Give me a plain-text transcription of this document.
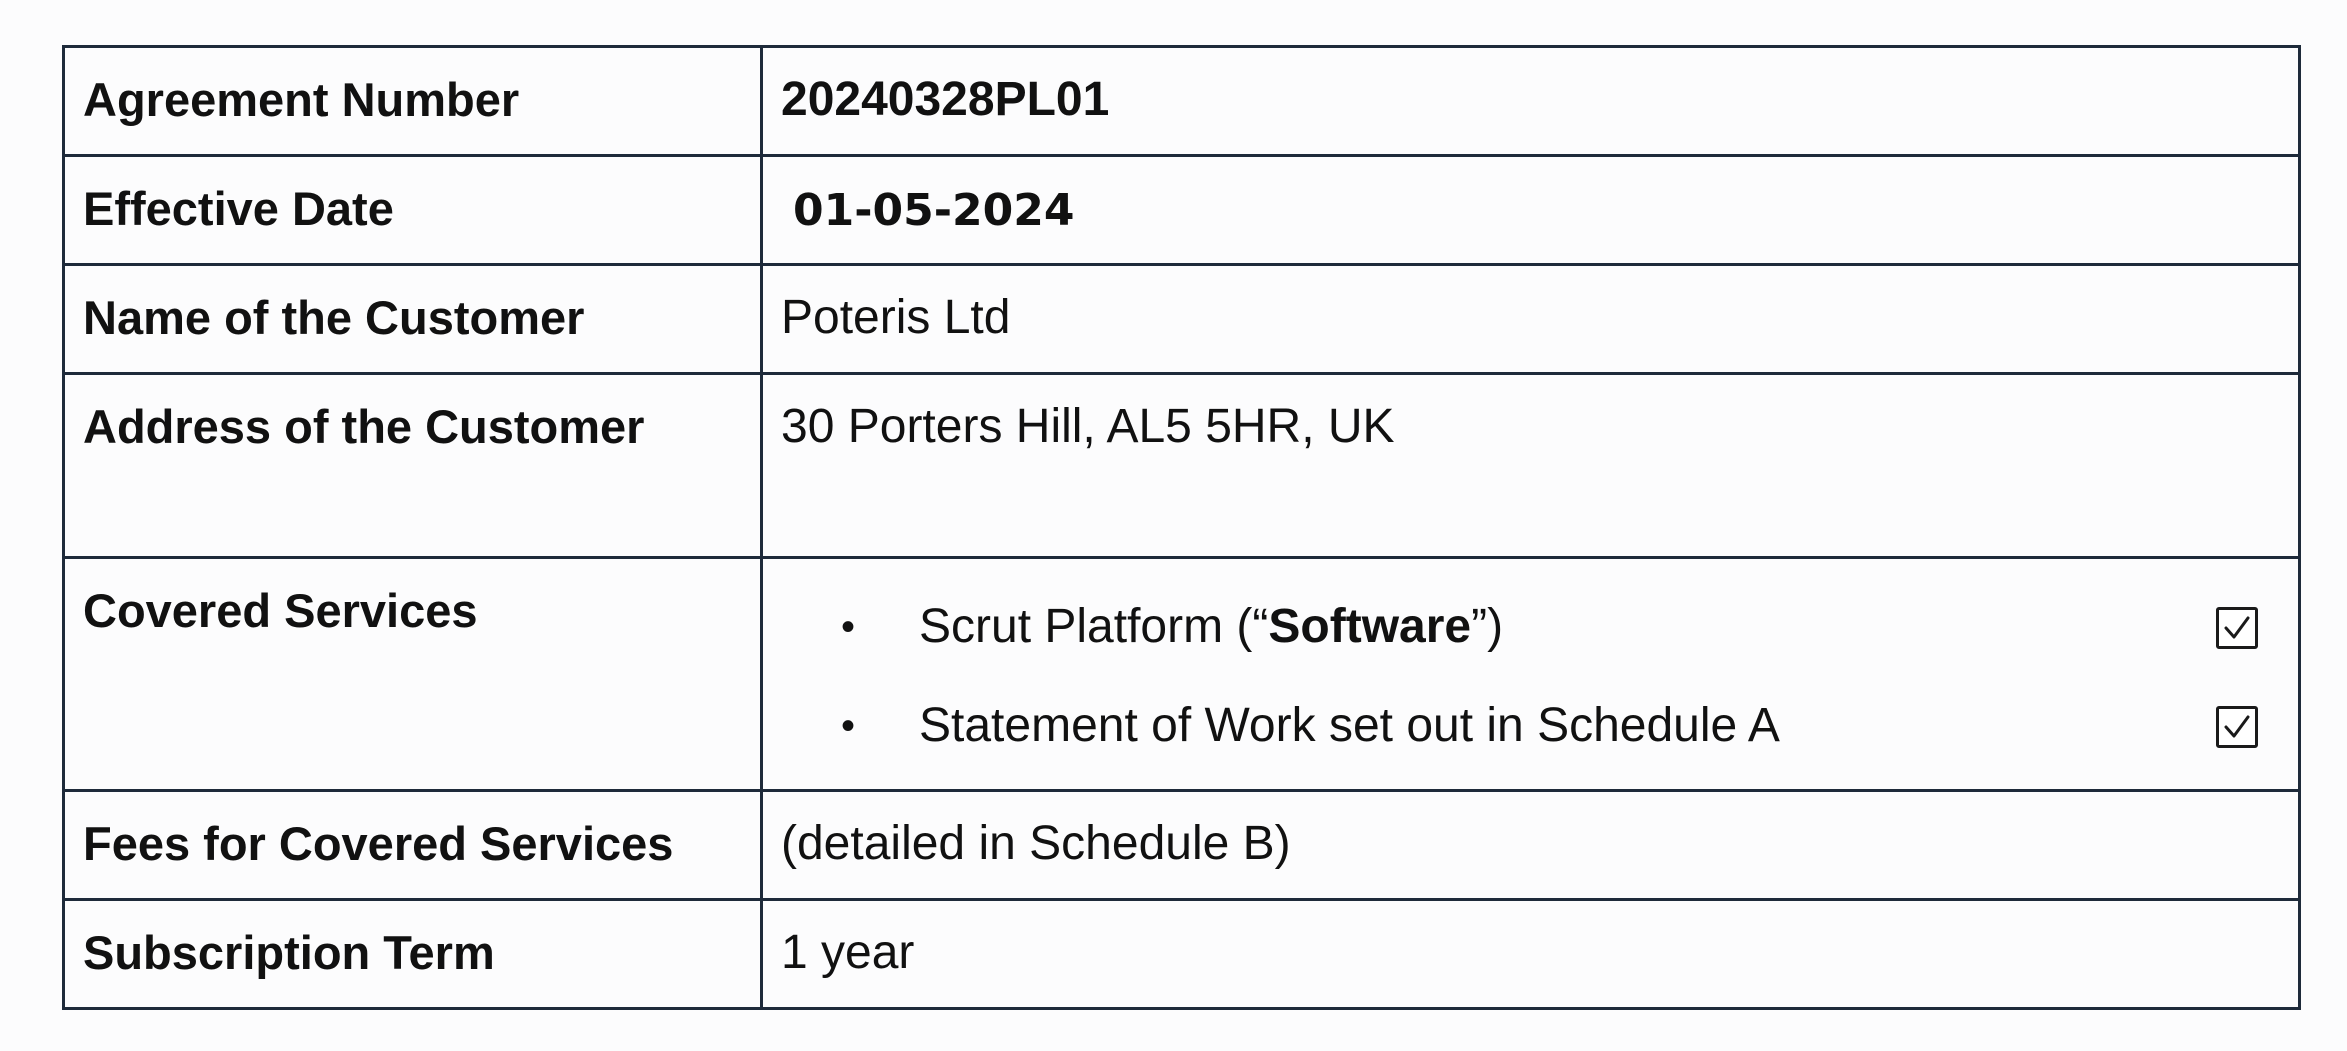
Agreement Number	20240328PL01

Effective Date	01-05-2024

Name of the Customer	Poteris Ltd

Address of the Customer	30 Porters Hill, AL5 5HR, UK

Covered Services	• Scrut Platform (“Software”)
• Statement of Work set out in Schedule A

Fees for Covered Services	(detailed in Schedule B)

Subscription Term	1 year
